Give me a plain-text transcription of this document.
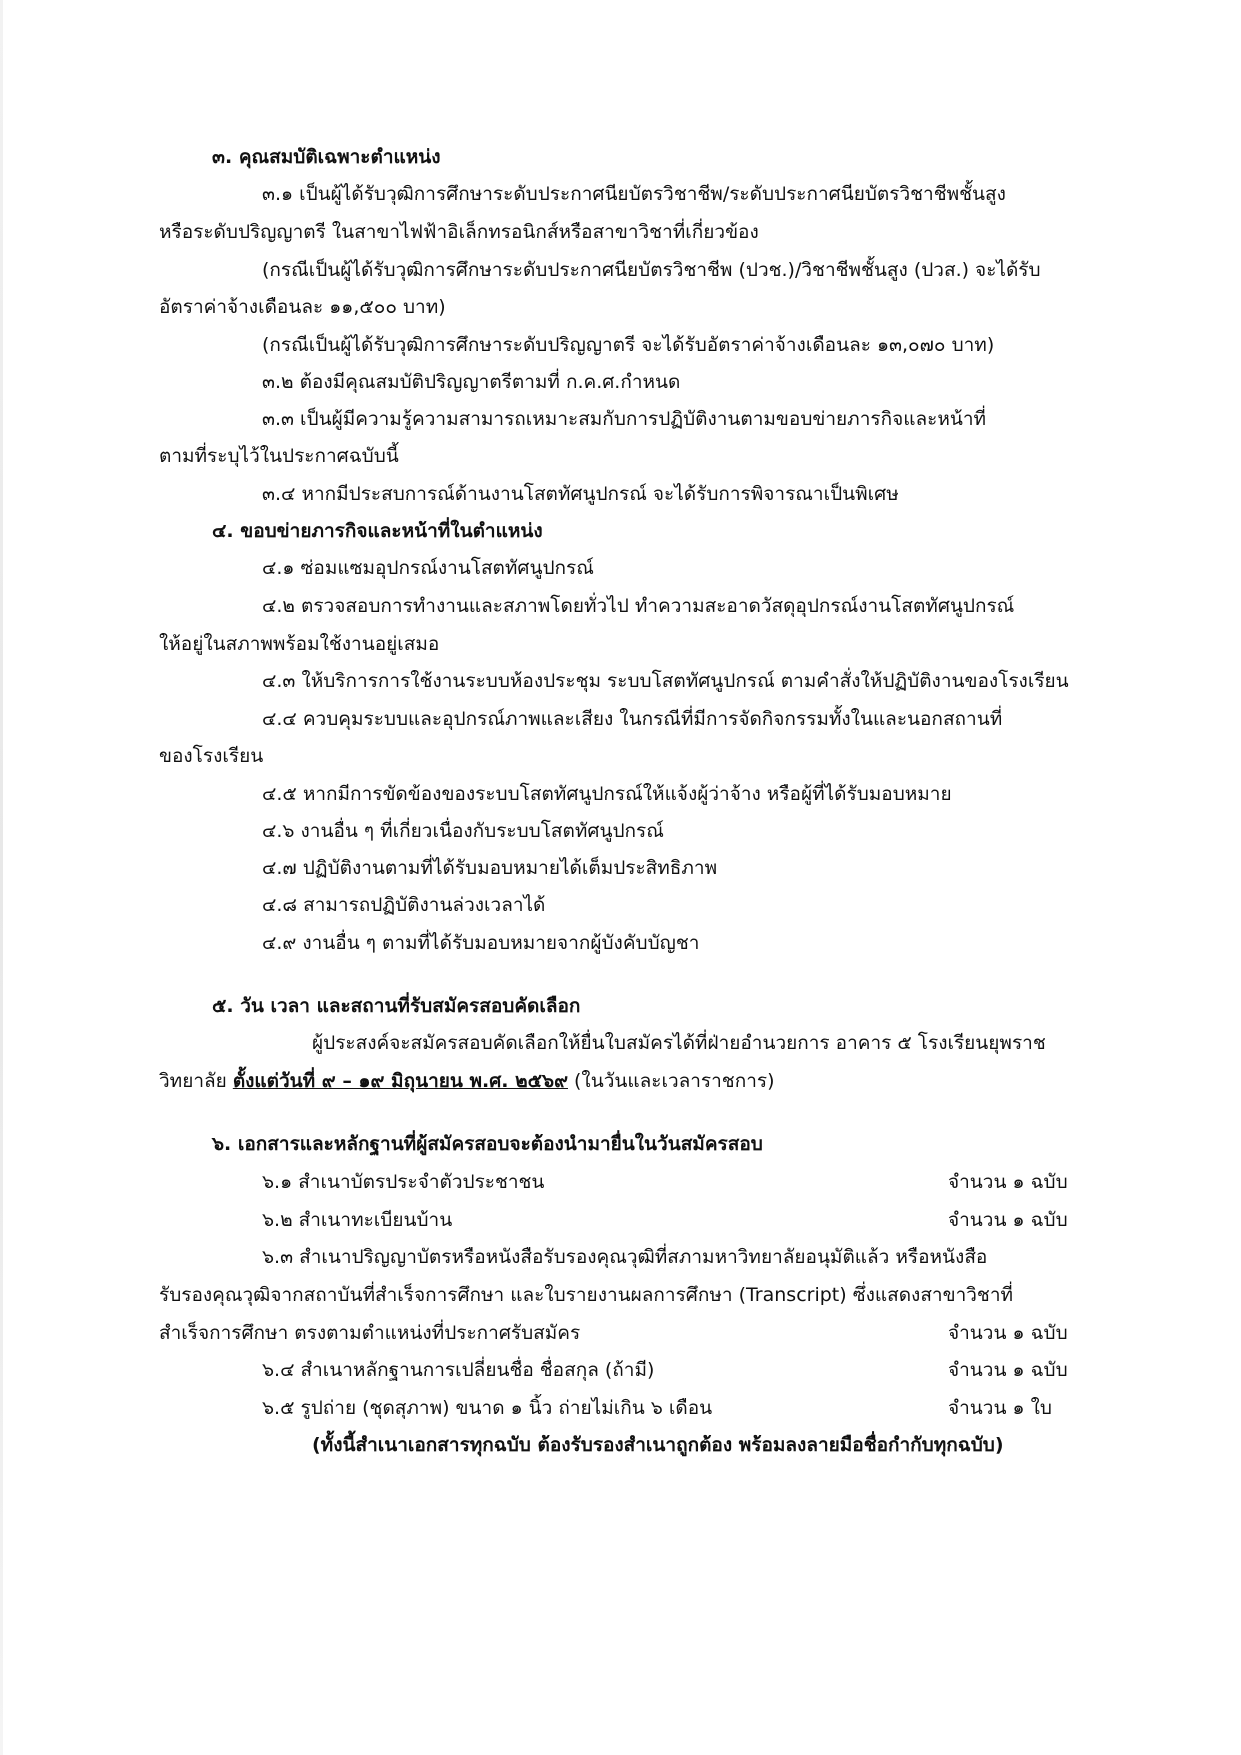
๓. คุณสมบัติเฉพาะตำแหน่ง
๓.๑ เป็นผู้ได้รับวุฒิการศึกษาระดับประกาศนียบัตรวิชาชีพ/ระดับประกาศนียบัตรวิชาชีพชั้นสูง
หรือระดับปริญญาตรี ในสาขาไฟฟ้าอิเล็กทรอนิกส์หรือสาขาวิชาที่เกี่ยวข้อง
(กรณีเป็นผู้ได้รับวุฒิการศึกษาระดับประกาศนียบัตรวิชาชีพ (ปวช.)/วิชาชีพชั้นสูง (ปวส.) จะได้รับ
อัตราค่าจ้างเดือนละ ๑๑,๕๐๐ บาท)
(กรณีเป็นผู้ได้รับวุฒิการศึกษาระดับปริญญาตรี จะได้รับอัตราค่าจ้างเดือนละ ๑๓,๐๗๐ บาท)
๓.๒ ต้องมีคุณสมบัติปริญญาตรีตามที่ ก.ค.ศ.กำหนด
๓.๓ เป็นผู้มีความรู้ความสามารถเหมาะสมกับการปฏิบัติงานตามขอบข่ายภารกิจและหน้าที่
ตามที่ระบุไว้ในประกาศฉบับนี้
๓.๔ หากมีประสบการณ์ด้านงานโสตทัศนูปกรณ์ จะได้รับการพิจารณาเป็นพิเศษ
๔. ขอบข่ายภารกิจและหน้าที่ในตำแหน่ง
๔.๑ ซ่อมแซมอุปกรณ์งานโสตทัศนูปกรณ์
๔.๒ ตรวจสอบการทำงานและสภาพโดยทั่วไป ทำความสะอาดวัสดุอุปกรณ์งานโสตทัศนูปกรณ์
ให้อยู่ในสภาพพร้อมใช้งานอยู่เสมอ
๔.๓ ให้บริการการใช้งานระบบห้องประชุม ระบบโสตทัศนูปกรณ์ ตามคำสั่งให้ปฏิบัติงานของโรงเรียน
๔.๔ ควบคุมระบบและอุปกรณ์ภาพและเสียง ในกรณีที่มีการจัดกิจกรรมทั้งในและนอกสถานที่
ของโรงเรียน
๔.๕ หากมีการขัดข้องของระบบโสตทัศนูปกรณ์ให้แจ้งผู้ว่าจ้าง หรือผู้ที่ได้รับมอบหมาย
๔.๖ งานอื่น ๆ ที่เกี่ยวเนื่องกับระบบโสตทัศนูปกรณ์
๔.๗ ปฏิบัติงานตามที่ได้รับมอบหมายได้เต็มประสิทธิภาพ
๔.๘ สามารถปฏิบัติงานล่วงเวลาได้
๔.๙ งานอื่น ๆ ตามที่ได้รับมอบหมายจากผู้บังคับบัญชา
๕. วัน เวลา และสถานที่รับสมัครสอบคัดเลือก
ผู้ประสงค์จะสมัครสอบคัดเลือกให้ยื่นใบสมัครได้ที่ฝ่ายอำนวยการ อาคาร ๕ โรงเรียนยุพราช
วิทยาลัย ตั้งแต่วันที่ ๙ – ๑๙ มิถุนายน พ.ศ. ๒๕๖๙ (ในวันและเวลาราชการ)
๖. เอกสารและหลักฐานที่ผู้สมัครสอบจะต้องนำมายื่นในวันสมัครสอบ
๖.๑ สำเนาบัตรประจำตัวประชาชน	จำนวน ๑ ฉบับ
๖.๒ สำเนาทะเบียนบ้าน	จำนวน ๑ ฉบับ
๖.๓ สำเนาปริญญาบัตรหรือหนังสือรับรองคุณวุฒิที่สภามหาวิทยาลัยอนุมัติแล้ว หรือหนังสือ
รับรองคุณวุฒิจากสถาบันที่สำเร็จการศึกษา และใบรายงานผลการศึกษา (Transcript) ซึ่งแสดงสาขาวิชาที่
สำเร็จการศึกษา ตรงตามตำแหน่งที่ประกาศรับสมัคร	จำนวน ๑ ฉบับ
๖.๔ สำเนาหลักฐานการเปลี่ยนชื่อ ชื่อสกุล (ถ้ามี)	จำนวน ๑ ฉบับ
๖.๕ รูปถ่าย (ชุดสุภาพ) ขนาด ๑ นิ้ว ถ่ายไม่เกิน ๖ เดือน	จำนวน ๑ ใบ
(ทั้งนี้สำเนาเอกสารทุกฉบับ ต้องรับรองสำเนาถูกต้อง พร้อมลงลายมือชื่อกำกับทุกฉบับ)
